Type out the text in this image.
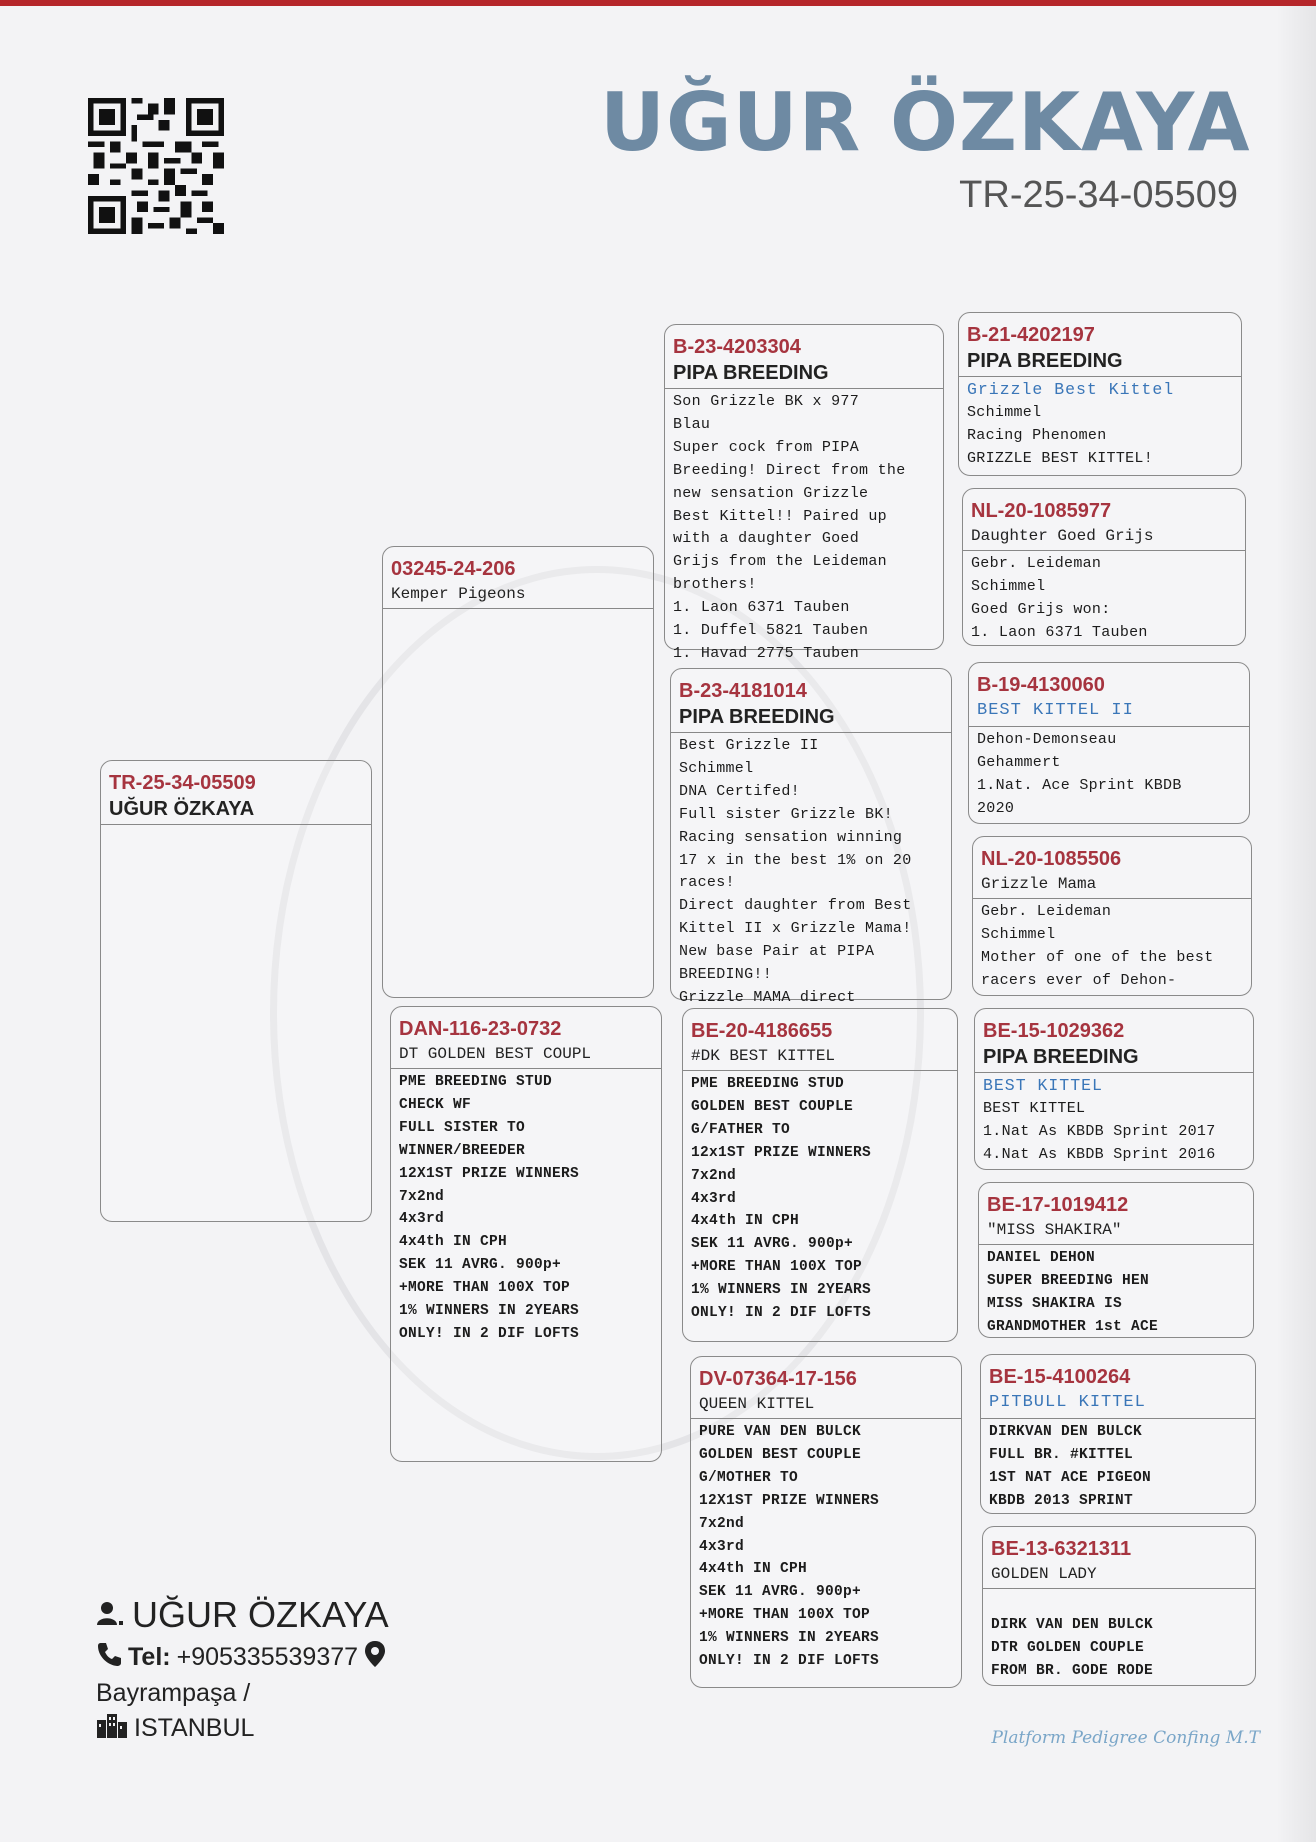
UĞUR ÖZKAYA
TR-25-34-05509
TR-25-34-05509
UĞUR ÖZKAYA
03245-24-206
Kemper Pigeons
DAN-116-23-0732
DT GOLDEN BEST COUPL
PME BREEDING STUD
CHECK WF
FULL SISTER TO
WINNER/BREEDER
12X1ST PRIZE WINNERS
7x2nd
4x3rd
4x4th IN CPH
SEK 11 AVRG. 900p+
+MORE THAN 100X TOP
1% WINNERS IN 2YEARS
ONLY! IN 2 DIF LOFTS
B-23-4203304
PIPA BREEDING
Son Grizzle BK x 977
Blau
Super cock from PIPA
Breeding! Direct from the
new sensation Grizzle
Best Kittel!! Paired up
with a daughter Goed
Grijs from the Leideman
brothers!
1. Laon 6371 Tauben
1. Duffel 5821 Tauben
1. Havad 2775 Tauben
B-23-4181014
PIPA BREEDING
Best Grizzle II
Schimmel
DNA Certifed!
Full sister Grizzle BK!
Racing sensation winning
17 x in the best 1% on 20
races!
Direct daughter from Best
Kittel II x Grizzle Mama!
New base Pair at PIPA
BREEDING!!
Grizzle MAMA direct
BE-20-4186655
#DK BEST KITTEL
PME BREEDING STUD
GOLDEN BEST COUPLE
G/FATHER TO
12x1ST PRIZE WINNERS
7x2nd
4x3rd
4x4th IN CPH
SEK 11 AVRG. 900p+
+MORE THAN 100X TOP
1% WINNERS IN 2YEARS
ONLY! IN 2 DIF LOFTS
DV-07364-17-156
QUEEN KITTEL
PURE VAN DEN BULCK
GOLDEN BEST COUPLE
G/MOTHER TO
12X1ST PRIZE WINNERS
7x2nd
4x3rd
4x4th IN CPH
SEK 11 AVRG. 900p+
+MORE THAN 100X TOP
1% WINNERS IN 2YEARS
ONLY! IN 2 DIF LOFTS
B-21-4202197
PIPA BREEDING
Grizzle Best Kittel
Schimmel
Racing Phenomen
GRIZZLE BEST KITTEL!
NL-20-1085977
Daughter Goed Grijs
Gebr. Leideman
Schimmel
Goed Grijs won:
1. Laon 6371 Tauben
B-19-4130060
BEST KITTEL II
Dehon-Demonseau
Gehammert
1.Nat. Ace Sprint KBDB
2020
NL-20-1085506
Grizzle Mama
Gebr. Leideman
Schimmel
Mother of one of the best
racers ever of Dehon-
BE-15-1029362
PIPA BREEDING
BEST KITTEL
BEST KITTEL
1.Nat As KBDB Sprint 2017
4.Nat As KBDB Sprint 2016
BE-17-1019412
"MISS SHAKIRA"
DANIEL DEHON
SUPER BREEDING HEN
MISS SHAKIRA IS
GRANDMOTHER 1st ACE
BE-15-4100264
PITBULL KITTEL
DIRKVAN DEN BULCK
FULL BR. #KITTEL
1ST NAT ACE PIGEON
KBDB 2013 SPRINT
BE-13-6321311
GOLDEN LADY

DIRK VAN DEN BULCK
DTR GOLDEN COUPLE
FROM BR. GODE RODE
UĞUR ÖZKAYA
Tel: +905335539377
Bayrampaşa /
ISTANBUL	Platform Pedigree Confing M.T
